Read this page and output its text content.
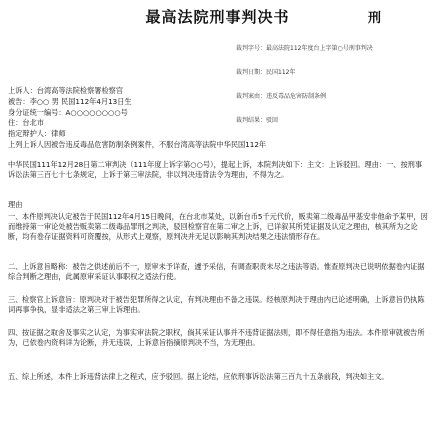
最高法院刑事判决书	刑

裁判字号：最高法院112年度台上字第○号刑事判决

裁判日期：民国112年

裁判案由：违反毒品危害防制条例

裁判结果：驳回

上诉人：台湾高等法院检察署检察官
被告：李○○ 男 民国112年4月13日生
身分证统一编号：A○○○○○○○○号
住：台北市
指定辩护人：律师
上列上诉人因被告违反毒品危害防制条例案件，不服台湾高等法院中华民国112年
中华民国111年12月28日第二审判决（111年度上诉字第○○号），提起上诉，本院判决如下：主文：上诉驳回。理由：一、按刑事诉讼法第三百七十七条规定，上诉于第三审法院，非以判决违背法令为理由，不得为之。
理由
一、本件原判决认定被告于民国112年4月15日晚间，在台北市某处，以新台币5千元代价，贩卖第二级毒品甲基安非他命予某甲，因而维持第一审论处被告贩卖第二级毒品罪刑之判决，驳回检察官在第二审之上诉，已详叙其所凭证据及认定之理由，核其所为之论断，均有卷存证据资料可资覆按，从形式上观察，原判决并无足以影响其判决结果之违法情形存在。
二、上诉意旨略称：被告之供述前后不一，原审未予详查，遽予采信，有调查职责未尽之违法等语。惟查原判决已说明依据卷内证据综合判断之理由，此属原审采证认事职权之适法行使。
三、检察官上诉意旨：原判决对于被告犯罪所得之认定，有判决理由不备之违误。经核原判决于理由内已论述明确，上诉意旨仍执陈词再事争执，显非适法之第三审上诉理由。
四、按证据之取舍及事实之认定，为事实审法院之职权，倘其采证认事并不违背证据法则，即不得任意指为违法。本件原审就被告所为，已依卷内资料详为论断，并无违误，上诉意旨指摘原判决不当，为无理由。
五、综上所述，本件上诉违背法律上之程式，应予驳回。据上论结，应依刑事诉讼法第三百九十五条前段，判决如主文。
